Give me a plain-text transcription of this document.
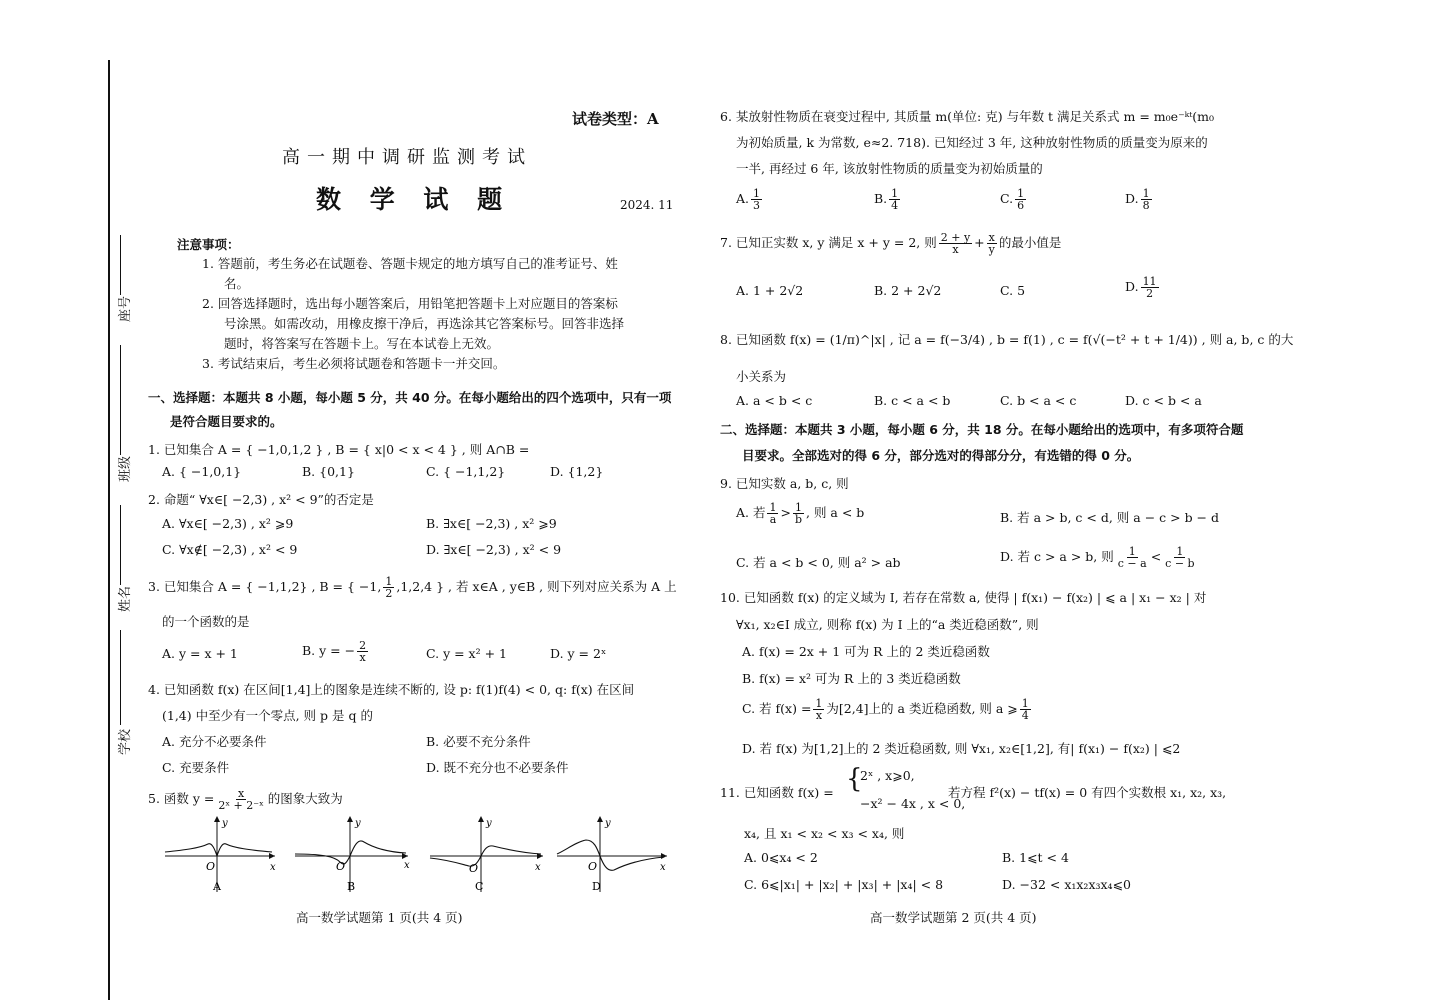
座号
班级
姓名
学校
试卷类型：A
高一期中调研监测考试
数 学 试 题	2024. 11
注意事项：
1. 答题前，考生务必在试题卷、答题卡规定的地方填写自己的准考证号、姓
名。
2. 回答选择题时，选出每小题答案后，用铅笔把答题卡上对应题目的答案标
号涂黑。如需改动，用橡皮擦干净后，再选涂其它答案标号。回答非选择
题时，将答案写在答题卡上。写在本试卷上无效。
3. 考试结束后，考生必须将试题卷和答题卡一并交回。
一、选择题：本题共 8 小题，每小题 5 分，共 40 分。在每小题给出的四个选项中，只有一项
是符合题目要求的。
1. 已知集合 A = { −1,0,1,2 } , B = { x|0 < x < 4 } , 则 A∩B =
A. { −1,0,1}	B. {0,1}	C. { −1,1,2}	D. {1,2}
2. 命题“ ∀x∈[ −2,3) , x² < 9”的否定是
A. ∀x∈[ −2,3) , x² ⩾9	B. ∃x∈[ −2,3) , x² ⩾9
C. ∀x∉[ −2,3) , x² < 9	D. ∃x∈[ −2,3) , x² < 9
3. 已知集合 A = { −1,1,2} , B = { −1, $\frac{1}{2} ,1,2,4$ } , 若 x∈A , y∈B , 则下列对应关系为 A 上
的一个函数的是
A. y = x + 1	B. y = − $\frac{2}{x}$	C. y = x² + 1	D. y = 2ˣ
4. 已知函数 f(x) 在区间[1,4]上的图象是连续不断的, 设 p: f(1)f(4) < 0, q: f(x) 在区间
(1,4) 中至少有一个零点, 则 p 是 q 的
A. 充分不必要条件	B. 必要不充分条件
C. 充要条件	D. 既不充分也不必要条件
5. 函数 $y = \frac{x}{\text{2ˣ + 2⁻ˣ}}$ 的图象大致为
y
O	x
A
y
O	x
B
y
O	x
C
y
O	x
D
高一数学试题第 1 页(共 4 页)
6. 某放射性物质在衰变过程中, 其质量 m(单位: 克) 与年数 t 满足关系式 m = m₀e⁻ᵏᵗ(m₀
为初始质量, k 为常数, e≈2. 718). 已知经过 3 年, 这种放射性物质的质量变为原来的
一半, 再经过 6 年, 该放射性物质的质量变为初始质量的
A. $\frac{1}{3}$	B. $\frac{1}{4}$	C. $\frac{1}{6}$	D. $\frac{1}{8}$
7. 已知正实数 x, y 满足 x + y = 2, 则 $\frac{2 + y}{x} + \frac{x}{y}$ 的最小值是
A. 1 + 2√2	B. 2 + 2√2	C. 5	D. $\frac{11}{2}$
8. 已知函数 f(x) = (1/π)^|x| , 记 a = f(−3/4) , b = f(1) , c = f(√(−t² + t + 1/4)) , 则 a, b, c 的大
小关系为
A. a < b < c	B. c < a < b	C. b < a < c	D. c < b < a
二、选择题：本题共 3 小题，每小题 6 分，共 18 分。在每小题给出的选项中，有多项符合题
目要求。全部选对的得 6 分，部分选对的得部分分，有选错的得 0 分。
9. 已知实数 a, b, c, 则
A. 若 $\frac{1}{a} > \frac{1}{b}$ , 则 a < b	B. 若 a > b, c < d, 则 a − c > b − d
C. 若 a < b < 0, 则 a² > ab	D. 若 c > a > b, 则 $\frac{1}{c - a} < \frac{1}{c - b}$
10. 已知函数 f(x) 的定义域为 I, 若存在常数 a, 使得 | f(x₁) − f(x₂) | ⩽ a | x₁ − x₂ | 对
∀x₁, x₂∈I 成立, 则称 f(x) 为 I 上的“a 类近稳函数”, 则
A. f(x) = 2x + 1 可为 R 上的 2 类近稳函数
B. f(x) = x² 可为 R 上的 3 类近稳函数
C. 若 $f(x) = \frac{1}{x}$ 为[2,4]上的 a 类近稳函数, 则 a ⩾ $\frac{1}{4}$
D. 若 f(x) 为[1,2]上的 2 类近稳函数, 则 ∀x₁, x₂∈[1,2], 有| f(x₁) − f(x₂) | ⩽2
11. 已知函数 f(x) = {
2ˣ , x⩾0,
−x² − 4x , x < 0,
若方程 f²(x) − tf(x) = 0 有四个实数根 x₁, x₂, x₃,
x₄, 且 x₁ < x₂ < x₃ < x₄, 则
A. 0⩽x₄ < 2	B. 1⩽t < 4
C. 6⩽|x₁| + |x₂| + |x₃| + |x₄| < 8	D. −32 < x₁x₂x₃x₄⩽0
高一数学试题第 2 页(共 4 页)
